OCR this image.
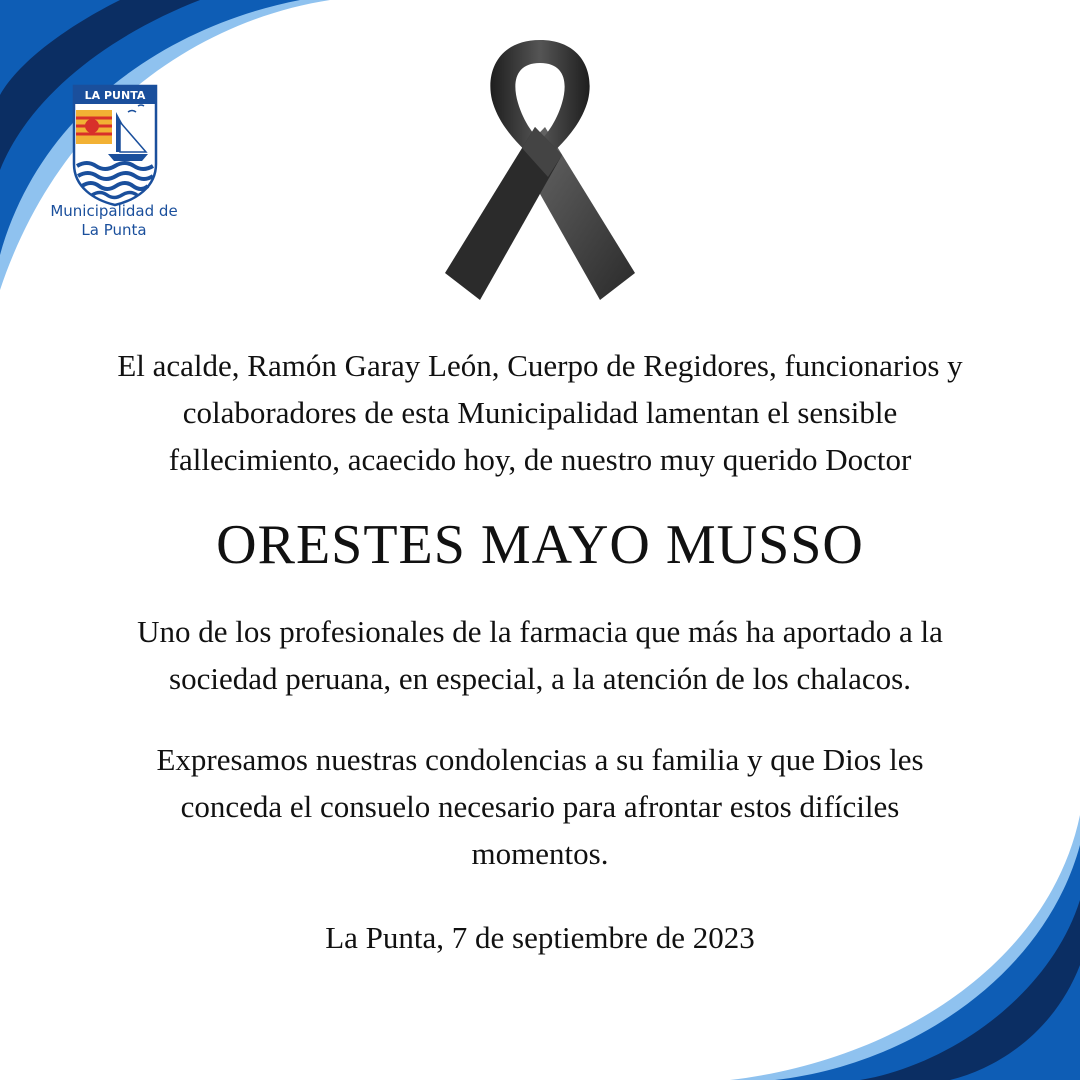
LA PUNTA
Municipalidad de
La Punta
El acalde, Ramón Garay León, Cuerpo de Regidores, funcionarios y
colaboradores de esta Municipalidad lamentan el sensible
fallecimiento, acaecido hoy, de nuestro muy querido Doctor
ORESTES MAYO MUSSO
Uno de los profesionales de la farmacia que más ha aportado a la
sociedad peruana, en especial, a la atención de los chalacos.
Expresamos nuestras condolencias a su familia y que Dios les
conceda el consuelo necesario para afrontar estos difíciles
momentos.
La Punta, 7 de septiembre de 2023
